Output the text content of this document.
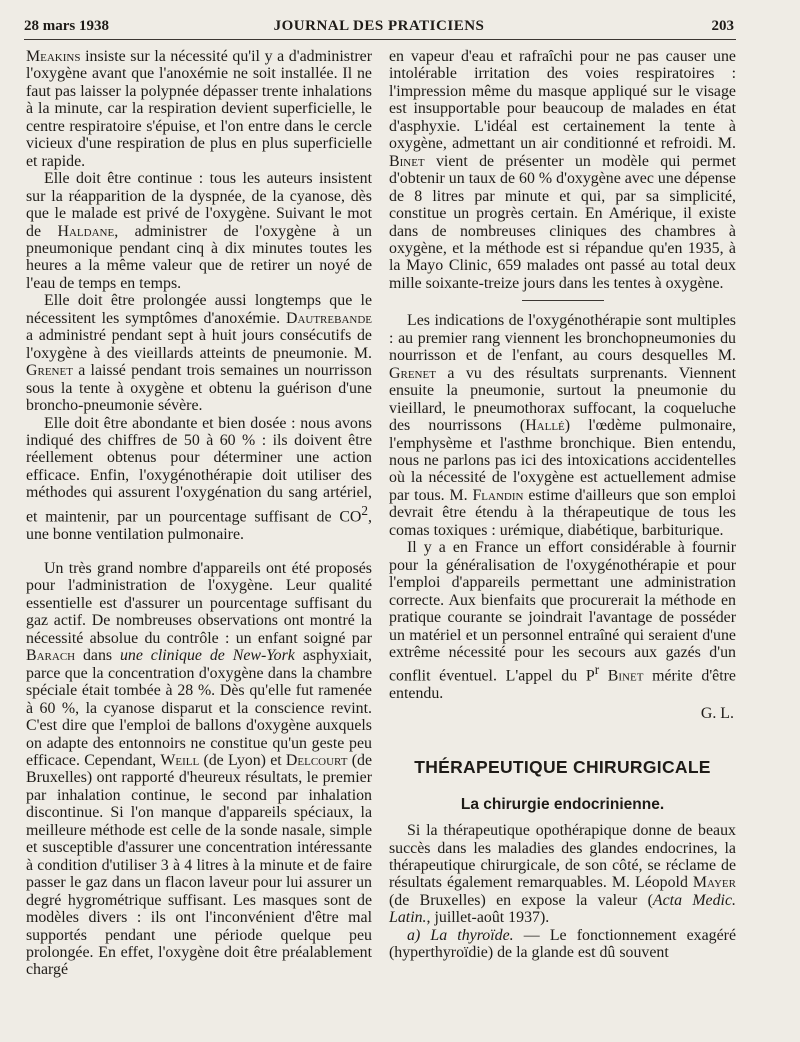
28 mars 1938	JOURNAL DES PRATICIENS	203

Meakins insiste sur la nécessité qu'il y a d'administrer l'oxygène avant que l'anoxémie ne soit installée. Il ne faut pas laisser la polypnée dépasser trente inhalations à la minute, car la respiration devient superficielle, le centre respiratoire s'épuise, et l'on entre dans le cercle vicieux d'une respiration de plus en plus superficielle et rapide.

Elle doit être continue : tous les auteurs insistent sur la réapparition de la dyspnée, de la cyanose, dès que le malade est privé de l'oxygène. Suivant le mot de Haldane, administrer de l'oxygène à un pneumonique pendant cinq à dix minutes toutes les heures a la même valeur que de retirer un noyé de l'eau de temps en temps.

Elle doit être prolongée aussi longtemps que le nécessitent les symptômes d'anoxémie. Dautrebande a administré pendant sept à huit jours consécutifs de l'oxygène à des vieillards atteints de pneumonie. M. Grenet a laissé pendant trois semaines un nourrisson sous la tente à oxygène et obtenu la guérison d'une broncho-pneumonie sévère.

Elle doit être abondante et bien dosée : nous avons indiqué des chiffres de 50 à 60 % : ils doivent être réellement obtenus pour déterminer une action efficace. Enfin, l'oxygénothérapie doit utiliser des méthodes qui assurent l'oxygénation du sang artériel, et maintenir, par un pourcentage suffisant de $CO^2$, une bonne ventilation pulmonaire.

Un très grand nombre d'appareils ont été proposés pour l'administration de l'oxygène. Leur qualité essentielle est d'assurer un pourcentage suffisant du gaz actif. De nombreuses observations ont montré la nécessité absolue du contrôle : un enfant soigné par Barach dans une clinique de New-York asphyxiait, parce que la concentration d'oxygène dans la chambre spéciale était tombée à 28 %. Dès qu'elle fut ramenée à 60 %, la cyanose disparut et la conscience revint. C'est dire que l'emploi de ballons d'oxygène auxquels on adapte des entonnoirs ne constitue qu'un geste peu efficace. Cependant, Weill (de Lyon) et Delcourt (de Bruxelles) ont rapporté d'heureux résultats, le premier par inhalation continue, le second par inhalation discontinue. Si l'on manque d'appareils spéciaux, la meilleure méthode est celle de la sonde nasale, simple et susceptible d'assurer une concentration intéressante à condition d'utiliser 3 à 4 litres à la minute et de faire passer le gaz dans un flacon laveur pour lui assurer un degré hygrométrique suffisant. Les masques sont de modèles divers : ils ont l'inconvénient d'être mal supportés pendant une période quelque peu prolongée. En effet, l'oxygène doit être préalablement chargé

en vapeur d'eau et rafraîchi pour ne pas causer une intolérable irritation des voies respiratoires : l'impression même du masque appliqué sur le visage est insupportable pour beaucoup de malades en état d'asphyxie. L'idéal est certainement la tente à oxygène, admettant un air conditionné et refroidi. M. Binet vient de présenter un modèle qui permet d'obtenir un taux de 60 % d'oxygène avec une dépense de 8 litres par minute et qui, par sa simplicité, constitue un progrès certain. En Amérique, il existe dans de nombreuses cliniques des chambres à oxygène, et la méthode est si répandue qu'en 1935, à la Mayo Clinic, 659 malades ont passé au total deux mille soixante-treize jours dans les tentes à oxygène.

Les indications de l'oxygénothérapie sont multiples : au premier rang viennent les bronchopneumonies du nourrisson et de l'enfant, au cours desquelles M. Grenet a vu des résultats surprenants. Viennent ensuite la pneumonie, surtout la pneumonie du vieillard, le pneumothorax suffocant, la coqueluche des nourrissons (Hallé) l'œdème pulmonaire, l'emphysème et l'asthme bronchique. Bien entendu, nous ne parlons pas ici des intoxications accidentelles où la nécessité de l'oxygène est actuellement admise par tous. M. Flandin estime d'ailleurs que son emploi devrait être étendu à la thérapeutique de tous les comas toxiques : urémique, diabétique, barbiturique.

Il y a en France un effort considérable à fournir pour la généralisation de l'oxygénothérapie et pour l'emploi d'appareils permettant une administration correcte. Aux bienfaits que procurerait la méthode en pratique courante se joindrait l'avantage de posséder un matériel et un personnel entraîné qui seraient d'une extrême nécessité pour les secours aux gazés d'un conflit éventuel. L'appel du $P^r$ Binet mérite d'être entendu.

G. L.
THÉRAPEUTIQUE CHIRURGICALE
La chirurgie endocrinienne.

Si la thérapeutique opothérapique donne de beaux succès dans les maladies des glandes endocrines, la thérapeutique chirurgicale, de son côté, se réclame de résultats également remarquables. M. Léopold Mayer (de Bruxelles) en expose la valeur (Acta Medic. Latin., juillet-août 1937).

a) La thyroïde. — Le fonctionnement exagéré (hyperthyroïdie) de la glande est dû souvent
